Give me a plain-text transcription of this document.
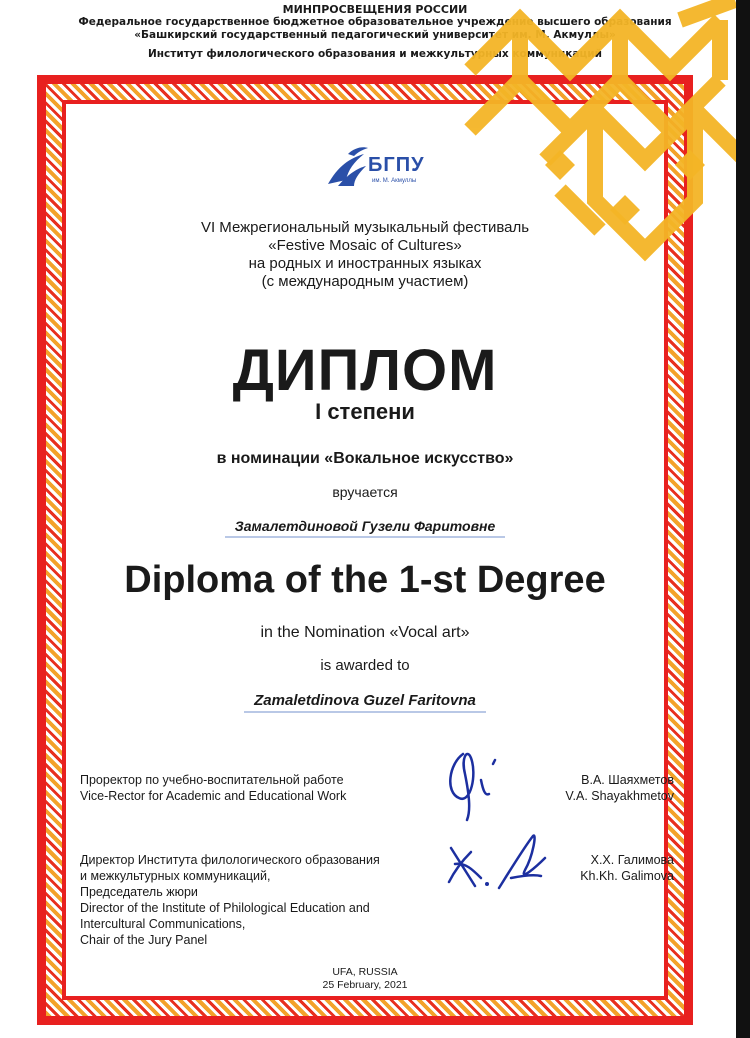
МИНПРОСВЕЩЕНИЯ РОССИИ
Федеральное государственное бюджетное образовательное учреждение высшего образования
«Башкирский государственный педагогический университет им. М. Акмуллы»
Институт филологического образования и межкультурных коммуникаций
БГПУ
им. М. Акмуллы
VI Межрегиональный музыкальный фестиваль
«Festive Mosaic of Cultures»
на родных и иностранных языках
(с международным участием)
ДИПЛОМ
I степени
в номинации «Вокальное искусство»
вручается
Замалетдиновой Гузели Фаритовне
Diploma of the 1-st Degree
in the Nomination «Vocal art»
is awarded to
Zamaletdinova Guzel Faritovna
Проректор по учебно-воспитательной работе
Vice-Rector for Academic and Educational Work
В.А. Шаяхметов
V.A. Shayakhmetov
Директор Института филологического образования
и межкультурных коммуникаций,
Председатель жюри
Director of the Institute of Philological Education and
Intercultural Communications,
Chair of the Jury Panel
Х.Х. Галимова
Kh.Kh. Galimova
UFA, RUSSIA
25 February, 2021
